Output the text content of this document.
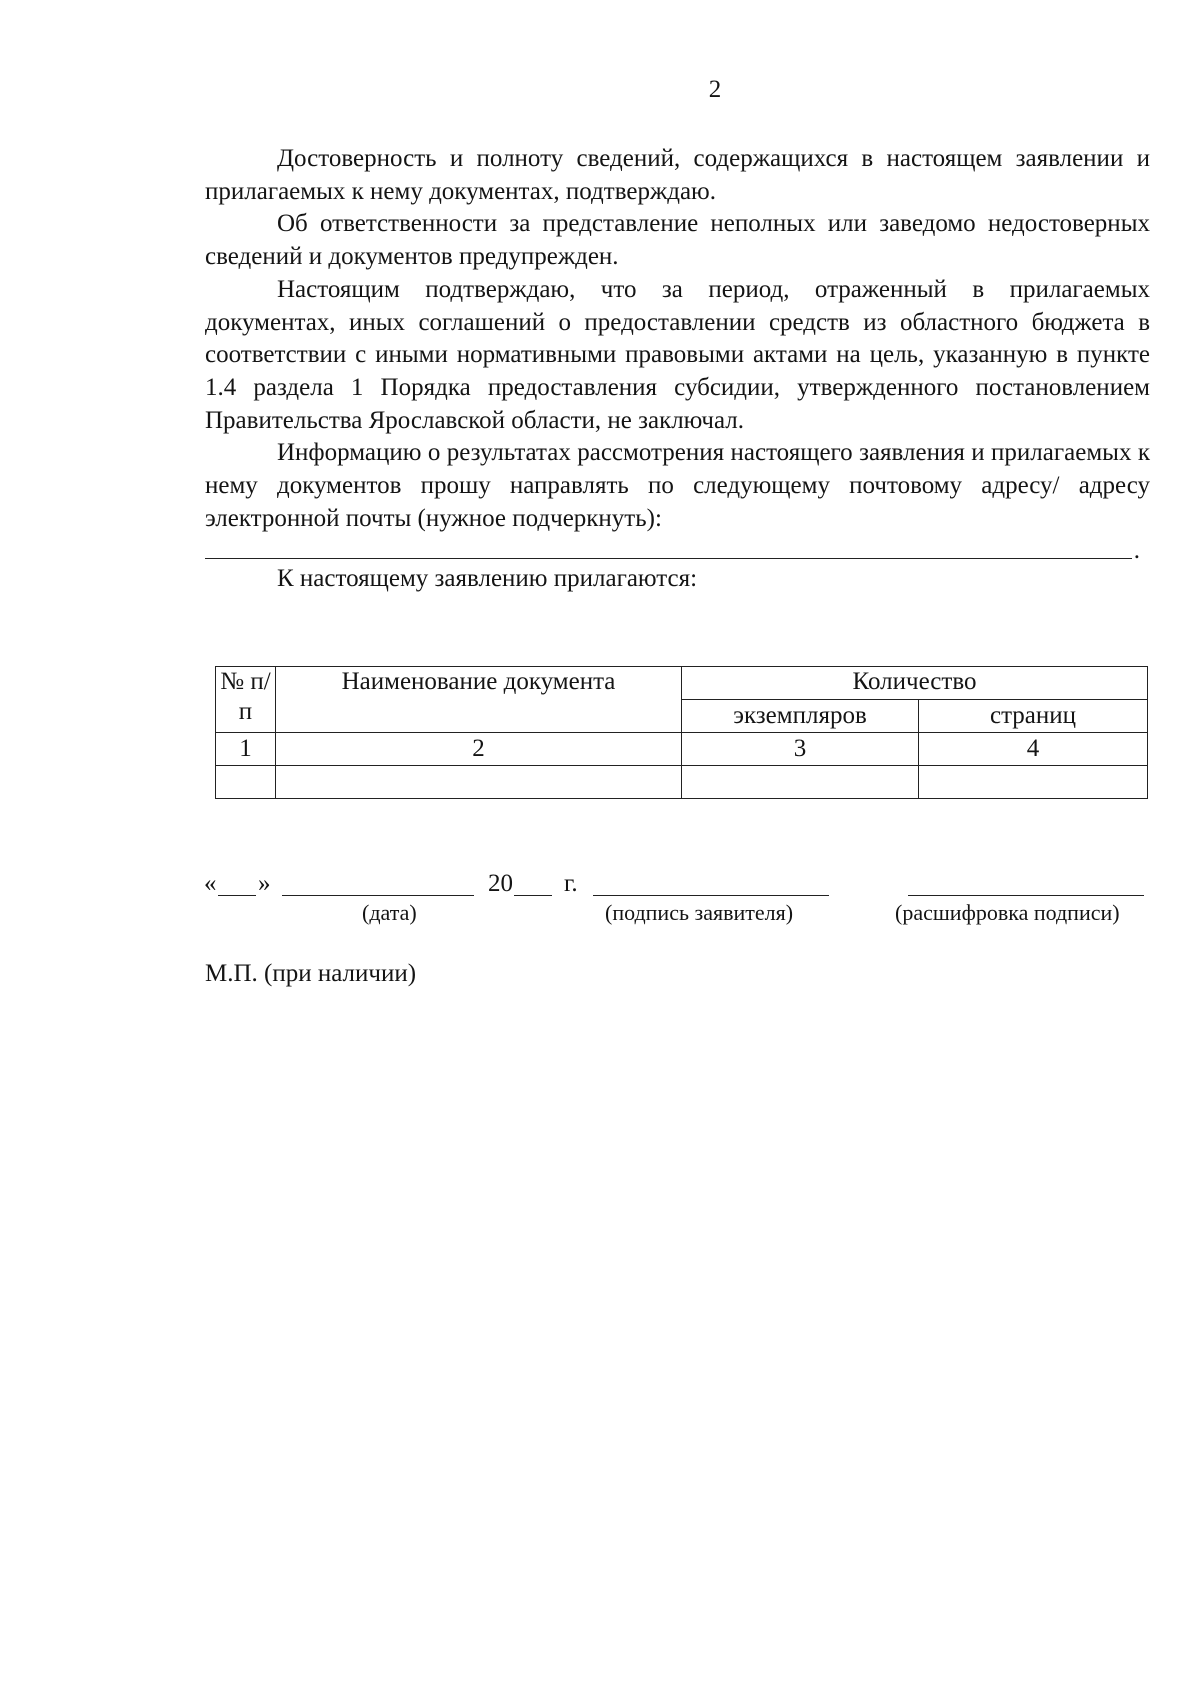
2

Достоверность и полноту сведений, содержащихся в настоящем заявлении и прилагаемых к нему документах, подтверждаю.

Об ответственности за представление неполных или заведомо недостоверных сведений и документов предупрежден.

Настоящим подтверждаю, что за период, отраженный в прилагаемых документах, иных соглашений о предоставлении средств из областного бюджета в соответствии с иными нормативными правовыми актами на цель, указанную в пункте 1.4 раздела 1 Порядка предоставления субсидии, утвержденного постановлением Правительства Ярославской области, не заключал.

Информацию о результатах рассмотрения настоящего заявления и прилагаемых к нему документов прошу направлять по следующему почтовому адресу/ адресу электронной почты (нужное подчеркнуть):

.

К настоящему заявлению прилагаются:

№ п/п	Наименование документа	Количество	
		экземпляров	страниц
1	2	3	4

« »	20 г.
(дата)	(подпись заявителя)	(расшифровка подписи)
М.П. (при наличии)
